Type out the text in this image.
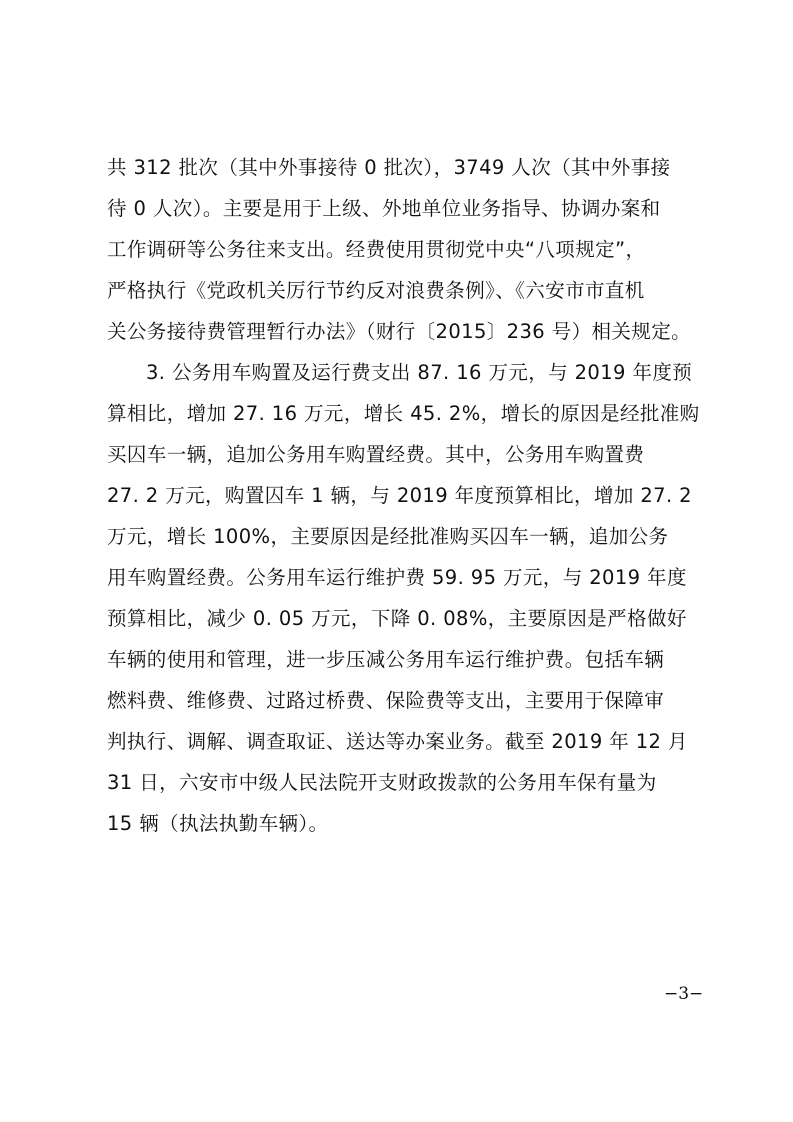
共 312 批次（其中外事接待 0 批次），3749 人次（其中外事接
待 0 人次）。主要是用于上级、外地单位业务指导、协调办案和
工作调研等公务往来支出。经费使用贯彻党中央“八项规定”，
严格执行《党政机关厉行节约反对浪费条例》、《六安市市直机
关公务接待费管理暂行办法》（财行〔2015〕236 号）相关规定。
3. 公务用车购置及运行费支出 87. 16 万元，与 2019 年度预
算相比，增加 27. 16 万元，增长 45. 2%，增长的原因是经批准购
买囚车一辆，追加公务用车购置经费。其中，公务用车购置费
27. 2 万元，购置囚车 1 辆，与 2019 年度预算相比，增加 27. 2
万元，增长 100%，主要原因是经批准购买囚车一辆，追加公务
用车购置经费。公务用车运行维护费 59. 95 万元，与 2019 年度
预算相比，减少 0. 05 万元，下降 0. 08%，主要原因是严格做好
车辆的使用和管理，进一步压减公务用车运行维护费。包括车辆
燃料费、维修费、过路过桥费、保险费等支出，主要用于保障审
判执行、调解、调查取证、送达等办案业务。截至 2019 年 12 月
31 日，六安市中级人民法院开支财政拨款的公务用车保有量为
15 辆（执法执勤车辆）。
−3−
